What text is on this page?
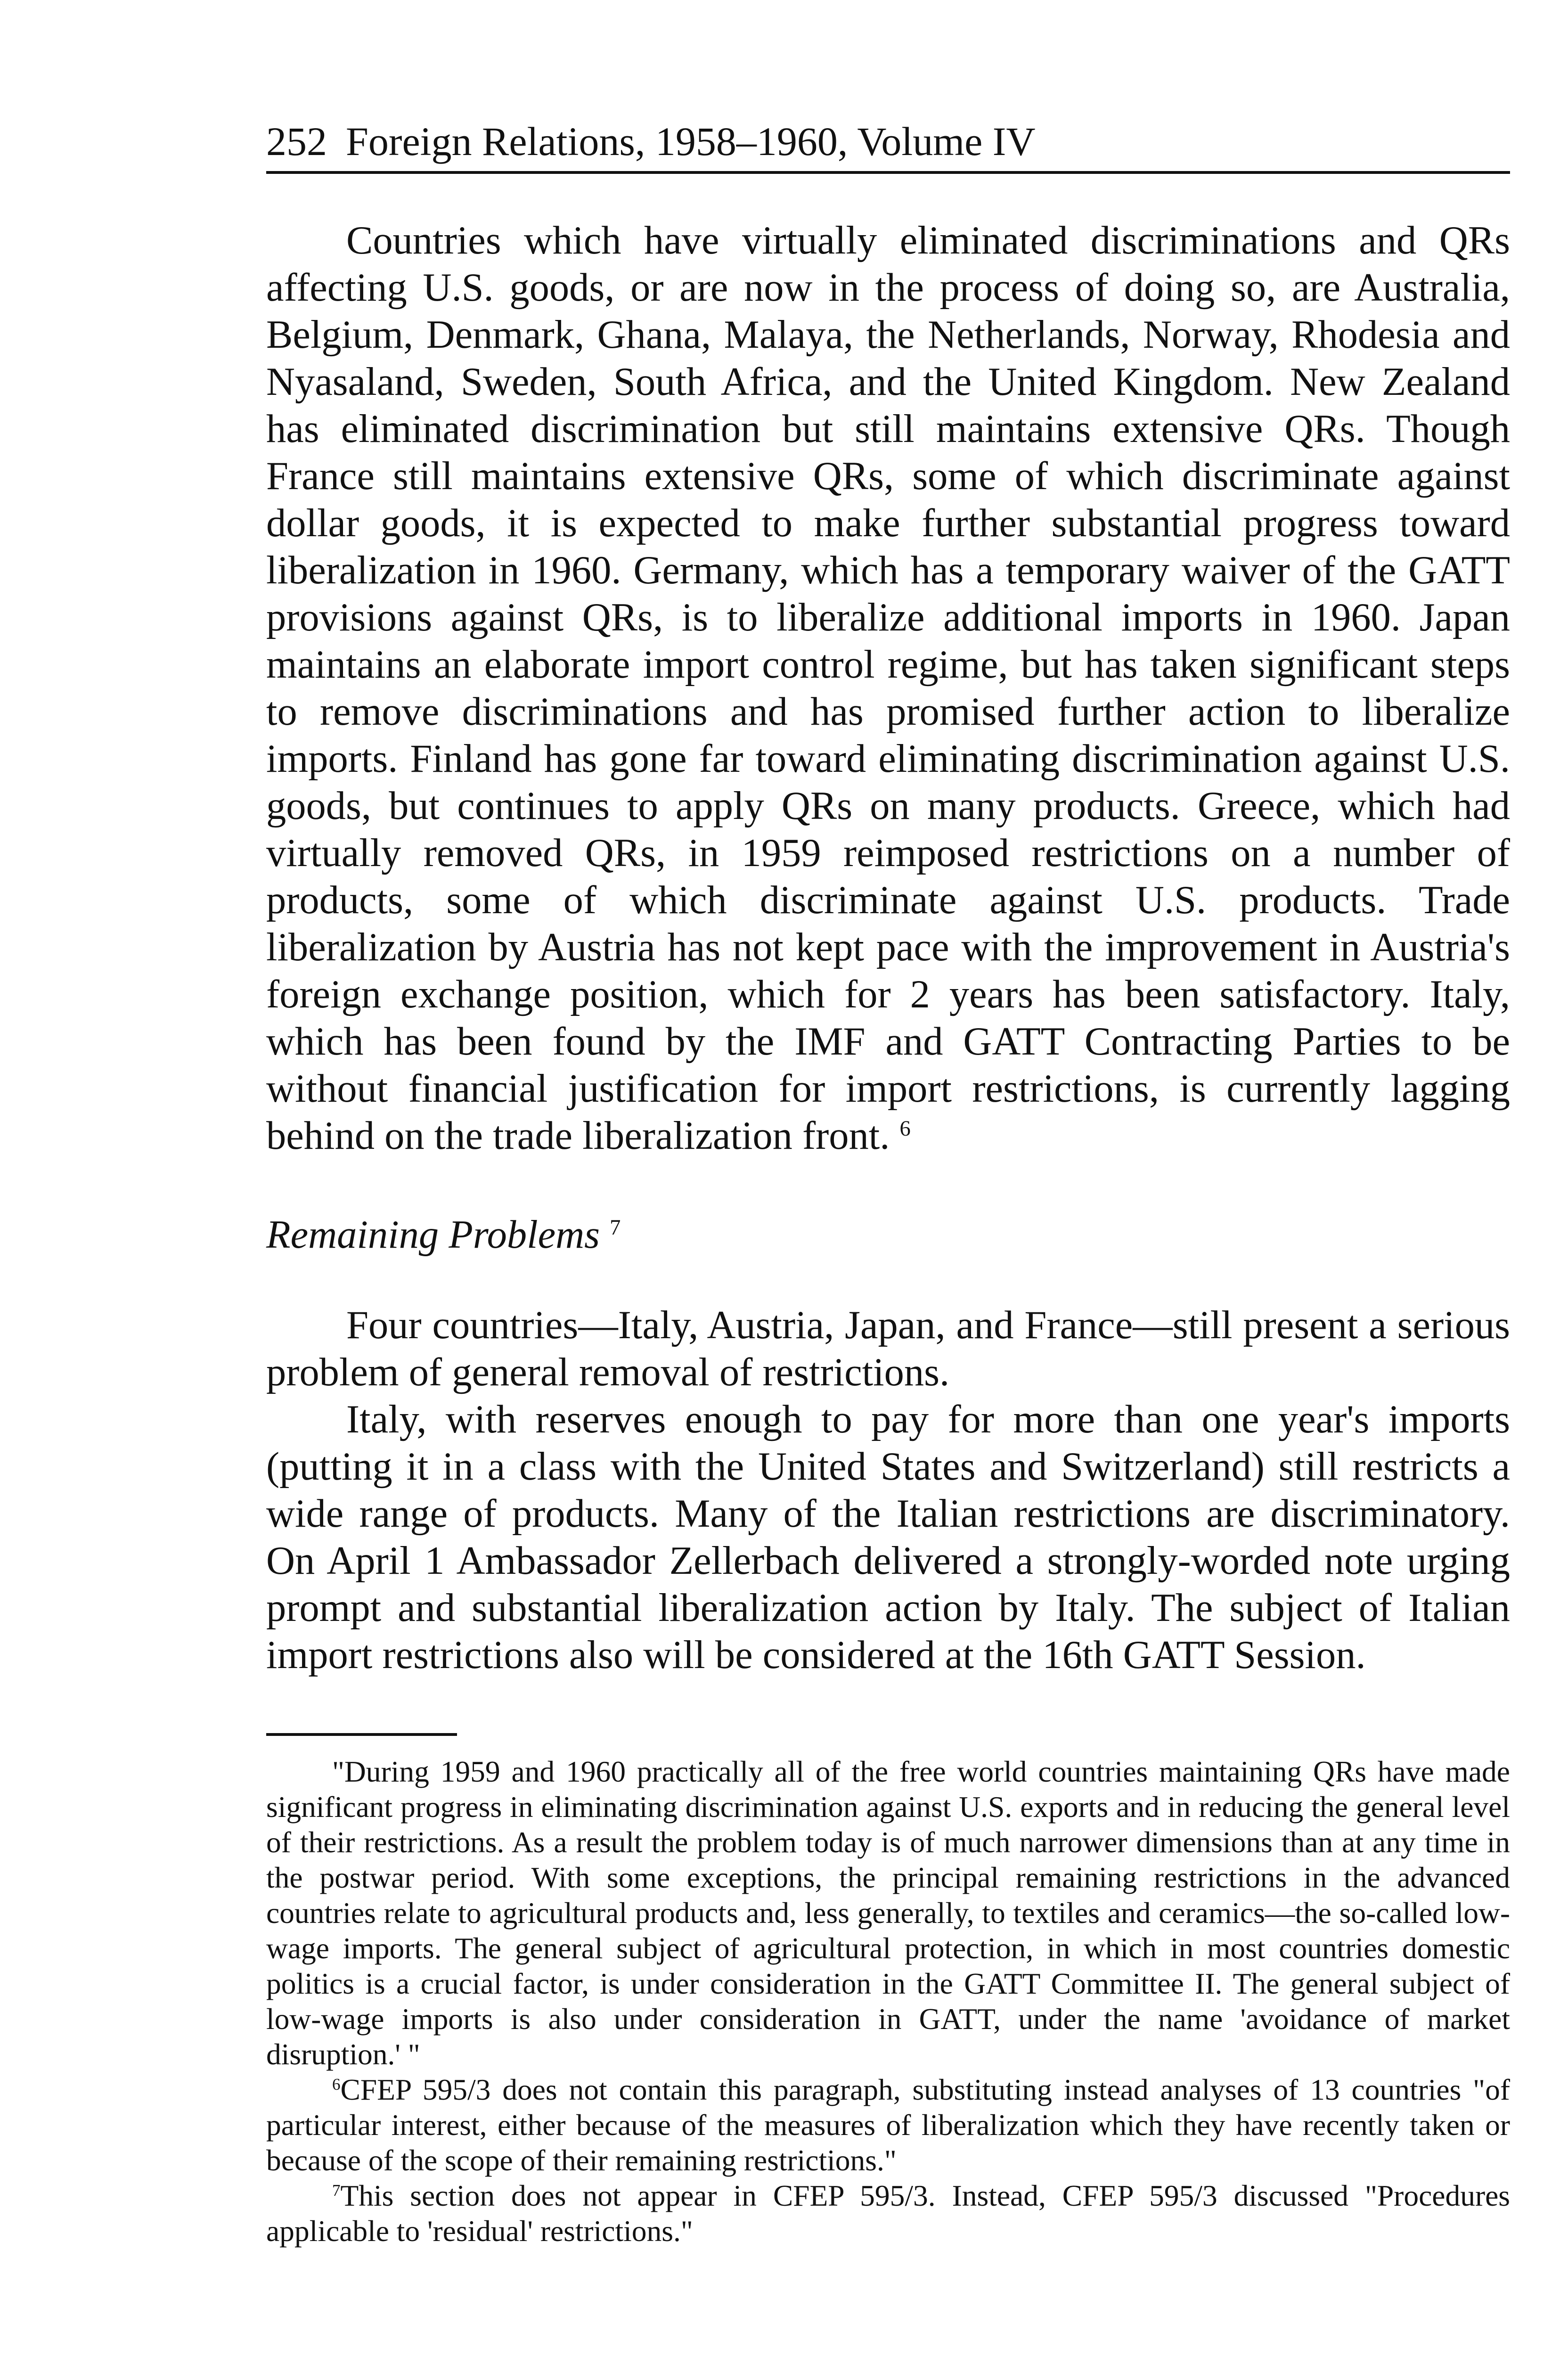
252 Foreign Relations, 1958–1960, Volume IV

Countries which have virtually eliminated discriminations and QRs affecting U.S. goods, or are now in the process of doing so, are Australia, Belgium, Denmark, Ghana, Malaya, the Netherlands, Norway, Rhodesia and Nyasaland, Sweden, South Africa, and the United Kingdom. New Zealand has eliminated discrimination but still maintains extensive QRs. Though France still maintains extensive QRs, some of which discriminate against dollar goods, it is expected to make further substantial progress toward liberalization in 1960. Germany, which has a temporary waiver of the GATT provisions against QRs, is to liberalize additional imports in 1960. Japan maintains an elaborate import control regime, but has taken significant steps to remove discriminations and has promised further action to liberalize imports. Finland has gone far toward eliminating discrimination against U.S. goods, but continues to apply QRs on many products. Greece, which had virtually removed QRs, in 1959 reimposed restrictions on a number of products, some of which discriminate against U.S. products. Trade liberalization by Austria has not kept pace with the improvement in Austria's foreign exchange position, which for 2 years has been satisfactory. Italy, which has been found by the IMF and GATT Contracting Parties to be without financial justification for import restrictions, is currently lagging behind on the trade liberalization front. $^6$

Remaining Problems $^7$

Four countries—Italy, Austria, Japan, and France—still present a serious problem of general removal of restrictions.

Italy, with reserves enough to pay for more than one year's imports (putting it in a class with the United States and Switzerland) still restricts a wide range of products. Many of the Italian restrictions are discriminatory. On April 1 Ambassador Zellerbach delivered a strongly-worded note urging prompt and substantial liberalization action by Italy. The subject of Italian import restrictions also will be considered at the 16th GATT Session.

"During 1959 and 1960 practically all of the free world countries maintaining QRs have made significant progress in eliminating discrimination against U.S. exports and in reducing the general level of their restrictions. As a result the problem today is of much narrower dimensions than at any time in the postwar period. With some exceptions, the principal remaining restrictions in the advanced countries relate to agricultural products and, less generally, to textiles and ceramics—the so-called low-wage imports. The general subject of agricultural protection, in which in most countries domestic politics is a crucial factor, is under consideration in the GATT Committee II. The general subject of low-wage imports is also under consideration in GATT, under the name 'avoidance of market disruption.' "

$^6$CFEP 595/3 does not contain this paragraph, substituting instead analyses of 13 countries "of particular interest, either because of the measures of liberalization which they have recently taken or because of the scope of their remaining restrictions."

$^7$This section does not appear in CFEP 595/3. Instead, CFEP 595/3 discussed "Procedures applicable to 'residual' restrictions."
